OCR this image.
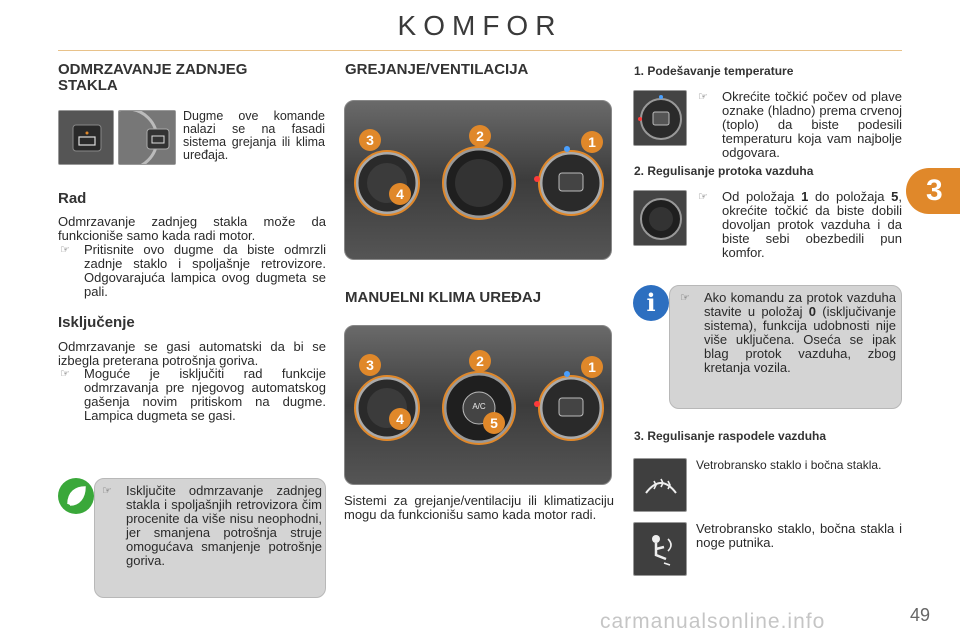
KOMFOR
3
ODMRZAVANJE ZADNJEG STAKLA
Dugme ove komande nalazi se na fasadi sistema grejanja ili klima uređaja.
Rad
Odmrzavanje zadnjeg stakla može da funkcioniše samo kada radi motor.
☞ Pritisnite ovo dugme da biste odmrzli zadnje staklo i spoljašnje retrovizore. Odgovarajuća lampica ovog dugmeta se pali.
Isključenje
Odmrzavanje se gasi automatski da bi se izbegla preterana potrošnja goriva.
☞ Moguće je isključiti rad funkcije odmrzavanja pre njegovog automatskog gašenja novim pritiskom na dugme. Lampica dugmeta se gasi.
☞ Isključite odmrzavanje zadnjeg stakla i spoljašnjih retrovizora čim procenite da više nisu neophodni, jer smanjena potrošnja struje omogućava smanjenje potrošnje goriva.
GREJANJE/VENTILACIJA
3	2	1
4
MANUELNI KLIMA UREĐAJ
A/C
3	2	1
4	5
Sistemi za grejanje/ventilaciju ili klimatizaciju mogu da funkcionišu samo kada motor radi.
1. Podešavanje temperature
☞ Okrećite točkić počev od plave oznake (hladno) prema crvenoj (toplo) da biste podesili temperaturu koja vam najbolje odgovara.
2. Regulisanje protoka vazduha
☞ Od položaja 1 do položaja 5, okrećite točkić da biste dobili dovoljan protok vazduha i da biste sebi obezbedili pun komfor.
i	☞ Ako komandu za protok vazduha stavite u položaj 0 (isključivanje sistema), funkcija udobnosti nije više uključena. Oseća se ipak blag protok vazduha, zbog kretanja vozila.
3. Regulisanje raspodele vazduha
Vetrobransko staklo i bočna stakla.
Vetrobransko staklo, bočna stakla i noge putnika.
49
carmanualsonline.info
